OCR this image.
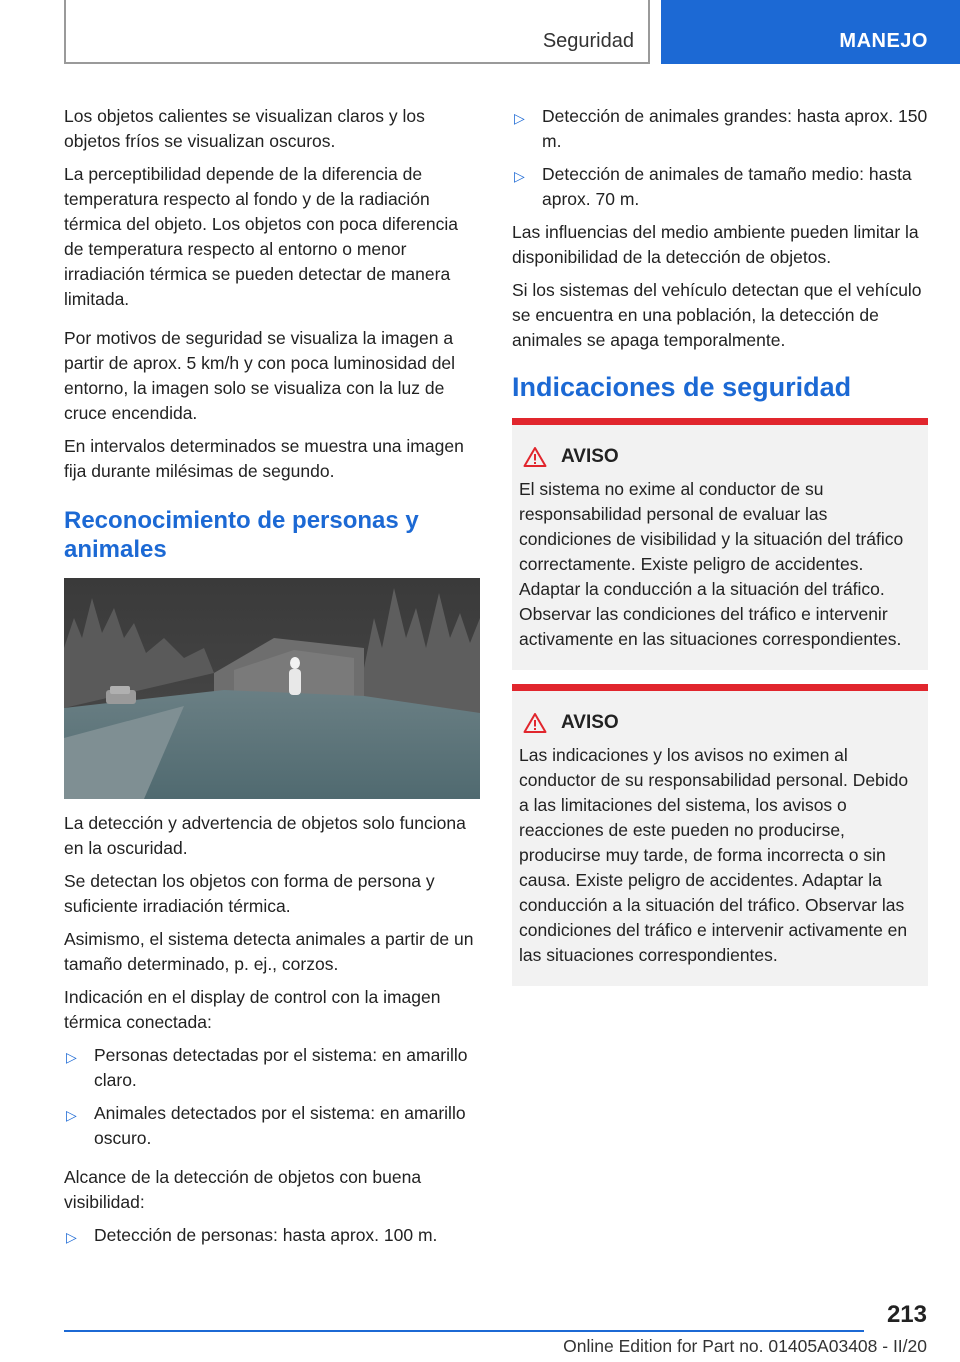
Seguridad	MANEJO

Los objetos calientes se visualizan claros y los objetos fríos se visualizan oscuros.

La perceptibilidad depende de la diferencia de temperatura respecto al fondo y de la radiación térmica del objeto. Los objetos con poca diferencia de temperatura respecto al entorno o menor irradiación térmica se pueden detectar de manera limitada.

Por motivos de seguridad se visualiza la imagen a partir de aprox. 5 km/h y con poca luminosidad del entorno, la imagen solo se visualiza con la luz de cruce encendida.

En intervalos determinados se muestra una imagen fija durante milésimas de segundo.

Reconocimiento de personas y animales

La detección y advertencia de objetos solo funciona en la oscuridad.

Se detectan los objetos con forma de persona y suficiente irradiación térmica.

Asimismo, el sistema detecta animales a partir de un tamaño determinado, p. ej., corzos.

Indicación en el display de control con la imagen térmica conectada:

▷ Personas detectadas por el sistema: en amarillo claro.
▷ Animales detectados por el sistema: en amarillo oscuro.

Alcance de la detección de objetos con buena visibilidad:

▷ Detección de personas: hasta aprox. 100 m.
▷ Detección de animales grandes: hasta aprox. 150 m.
▷ Detección de animales de tamaño medio: hasta aprox. 70 m.

Las influencias del medio ambiente pueden limitar la disponibilidad de la detección de objetos.

Si los sistemas del vehículo detectan que el vehículo se encuentra en una población, la detección de animales se apaga temporalmente.

Indicaciones de seguridad
AVISO

El sistema no exime al conductor de su responsabilidad personal de evaluar las condiciones de visibilidad y la situación del tráfico correctamente. Existe peligro de accidentes. Adaptar la conducción a la situación del tráfico. Observar las condiciones del tráfico e intervenir activamente en las situaciones correspondientes.

AVISO

Las indicaciones y los avisos no eximen al conductor de su responsabilidad personal. Debido a las limitaciones del sistema, los avisos o reacciones de este pueden no producirse, producirse muy tarde, de forma incorrecta o sin causa. Existe peligro de accidentes. Adaptar la conducción a la situación del tráfico. Observar las condiciones del tráfico e intervenir activamente en las situaciones correspondientes.

213
Online Edition for Part no. 01405A03408 - II/20
